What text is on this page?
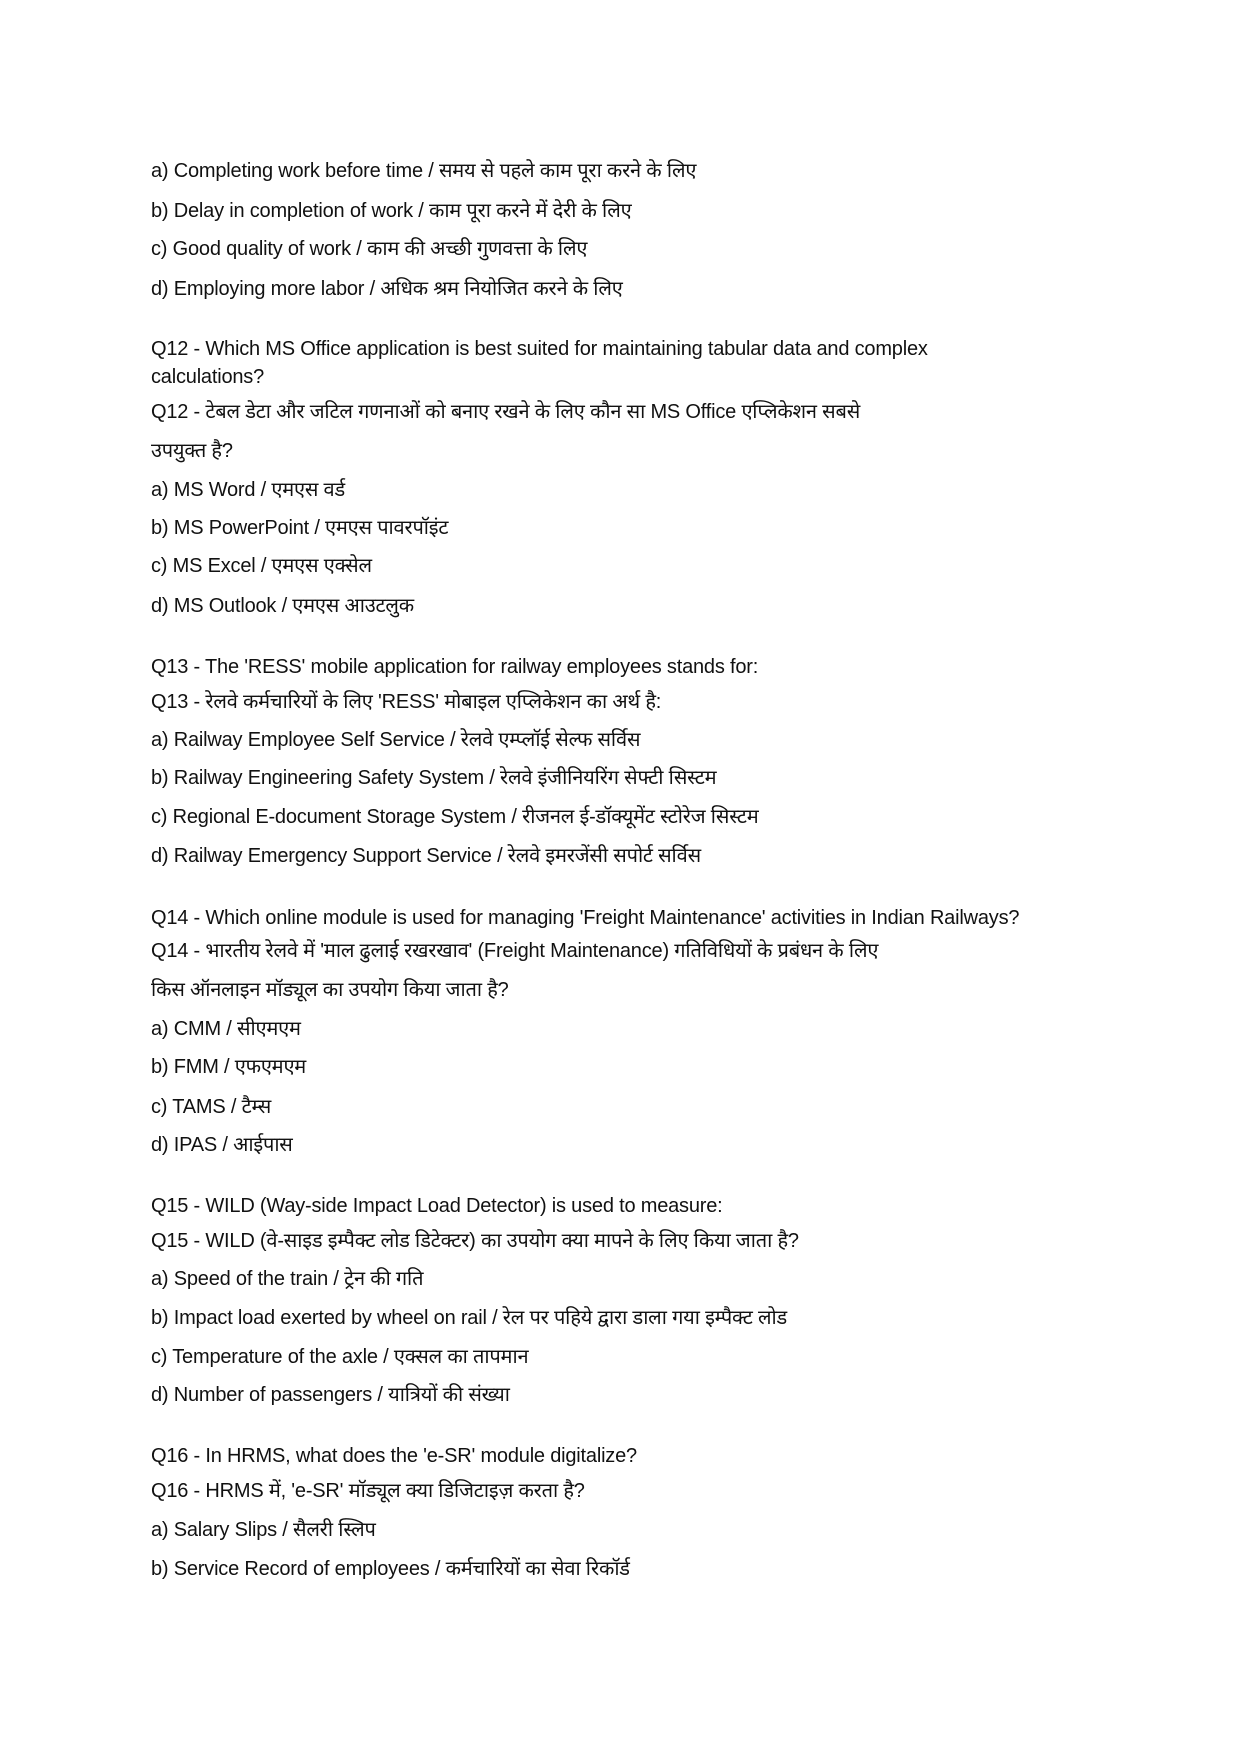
a) Completing work before time / समय से पहले काम पूरा करने के लिए
b) Delay in completion of work / काम पूरा करने में देरी के लिए
c) Good quality of work / काम की अच्छी गुणवत्ता के लिए
d) Employing more labor / अधिक श्रम नियोजित करने के लिए
Q12 - Which MS Office application is best suited for maintaining tabular data and complex
calculations?
Q12 - टेबल डेटा और जटिल गणनाओं को बनाए रखने के लिए कौन सा MS Office एप्लिकेशन सबसे
उपयुक्त है?
a) MS Word / एमएस वर्ड
b) MS PowerPoint / एमएस पावरपॉइंट
c) MS Excel / एमएस एक्सेल
d) MS Outlook / एमएस आउटलुक
Q13 - The 'RESS' mobile application for railway employees stands for:
Q13 - रेलवे कर्मचारियों के लिए 'RESS' मोबाइल एप्लिकेशन का अर्थ है:
a) Railway Employee Self Service / रेलवे एम्प्लॉई सेल्फ सर्विस
b) Railway Engineering Safety System / रेलवे इंजीनियरिंग सेफ्टी सिस्टम
c) Regional E-document Storage System / रीजनल ई-डॉक्यूमेंट स्टोरेज सिस्टम
d) Railway Emergency Support Service / रेलवे इमरजेंसी सपोर्ट सर्विस
Q14 - Which online module is used for managing 'Freight Maintenance' activities in Indian Railways?
Q14 - भारतीय रेलवे में 'माल ढुलाई रखरखाव' (Freight Maintenance) गतिविधियों के प्रबंधन के लिए
किस ऑनलाइन मॉड्यूल का उपयोग किया जाता है?
a) CMM / सीएमएम
b) FMM / एफएमएम
c) TAMS / टैम्स
d) IPAS / आईपास
Q15 - WILD (Way-side Impact Load Detector) is used to measure:
Q15 - WILD (वे-साइड इम्पैक्ट लोड डिटेक्टर) का उपयोग क्या मापने के लिए किया जाता है?
a) Speed of the train / ट्रेन की गति
b) Impact load exerted by wheel on rail / रेल पर पहिये द्वारा डाला गया इम्पैक्ट लोड
c) Temperature of the axle / एक्सल का तापमान
d) Number of passengers / यात्रियों की संख्या
Q16 - In HRMS, what does the 'e-SR' module digitalize?
Q16 - HRMS में, 'e-SR' मॉड्यूल क्या डिजिटाइज़ करता है?
a) Salary Slips / सैलरी स्लिप
b) Service Record of employees / कर्मचारियों का सेवा रिकॉर्ड
